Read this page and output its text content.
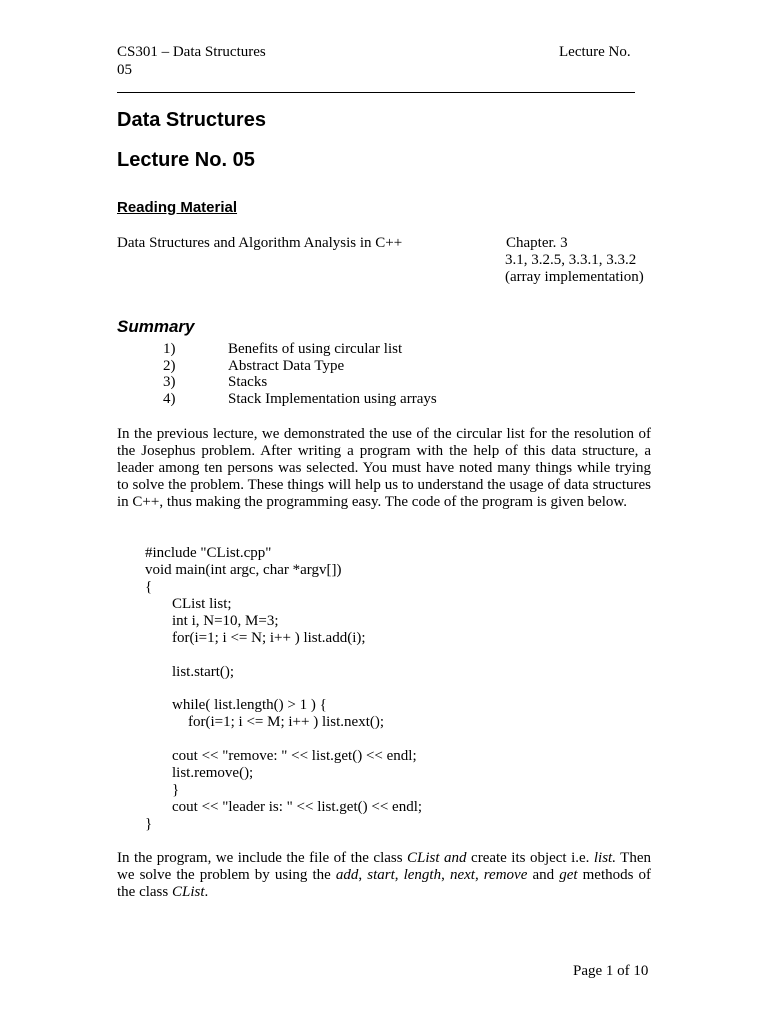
CS301 – Data Structures	Lecture No.
05
Data Structures
Lecture No. 05
Reading Material
Data Structures and Algorithm Analysis in C++	Chapter. 3
3.1, 3.2.5, 3.3.1, 3.3.2
(array implementation)
Summary
1)	Benefits of using circular list
2)	Abstract Data Type
3)	Stacks
4)	Stack Implementation using arrays
In the previous lecture, we demonstrated the use of the circular list for the resolution of the Josephus problem. After writing a program with the help of this data structure, a leader among ten persons was selected. You must have noted many things while trying to solve the problem. These things will help us to understand the usage of data structures in C++, thus making the programming easy. The code of the program is given below.
#include "CList.cpp"
void main(int argc, char *argv[])
{
CList list;
int i, N=10, M=3;
for(i=1; i <= N; i++ ) list.add(i);
list.start();
while( list.length() > 1 ) {
for(i=1; i <= M; i++ ) list.next();
cout << "remove: " << list.get() << endl;
list.remove();
}
cout << "leader is: " << list.get() << endl;
}
In the program, we include the file of the class CList and create its object i.e. list. Then we solve the problem by using the add, start, length, next, remove and get methods of the class CList.
Page 1 of 10
